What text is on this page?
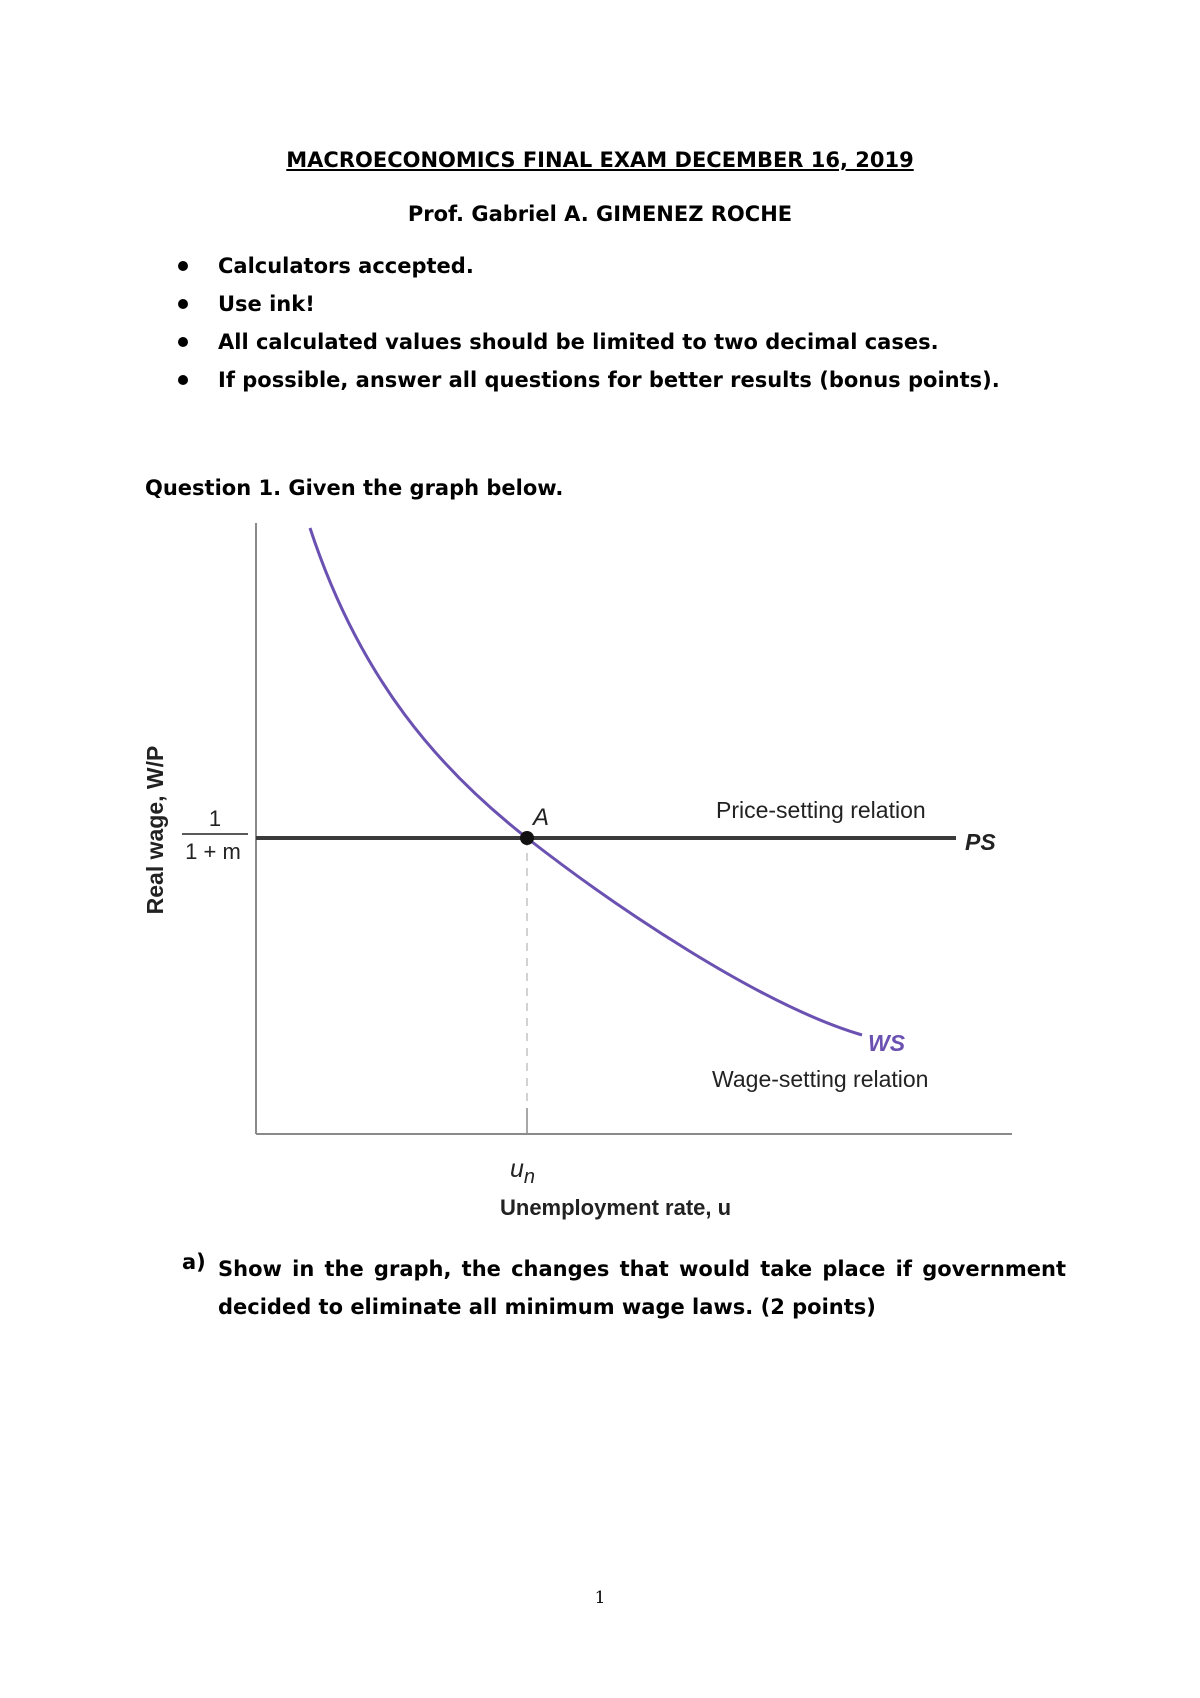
MACROECONOMICS FINAL EXAM DECEMBER 16, 2019
Prof. Gabriel A. GIMENEZ ROCHE
Calculators accepted.
Use ink!
All calculated values should be limited to two decimal cases.
If possible, answer all questions for better results (bonus points).
Question 1. Given the graph below.
A	Price-setting relation
PS
WS
Wage-setting relation
1
1 + m
Real wage, W/P
$u_n$
Unemployment rate, u
a) Show in the graph, the changes that would take place if government decided to eliminate all minimum wage laws. (2 points)
1
